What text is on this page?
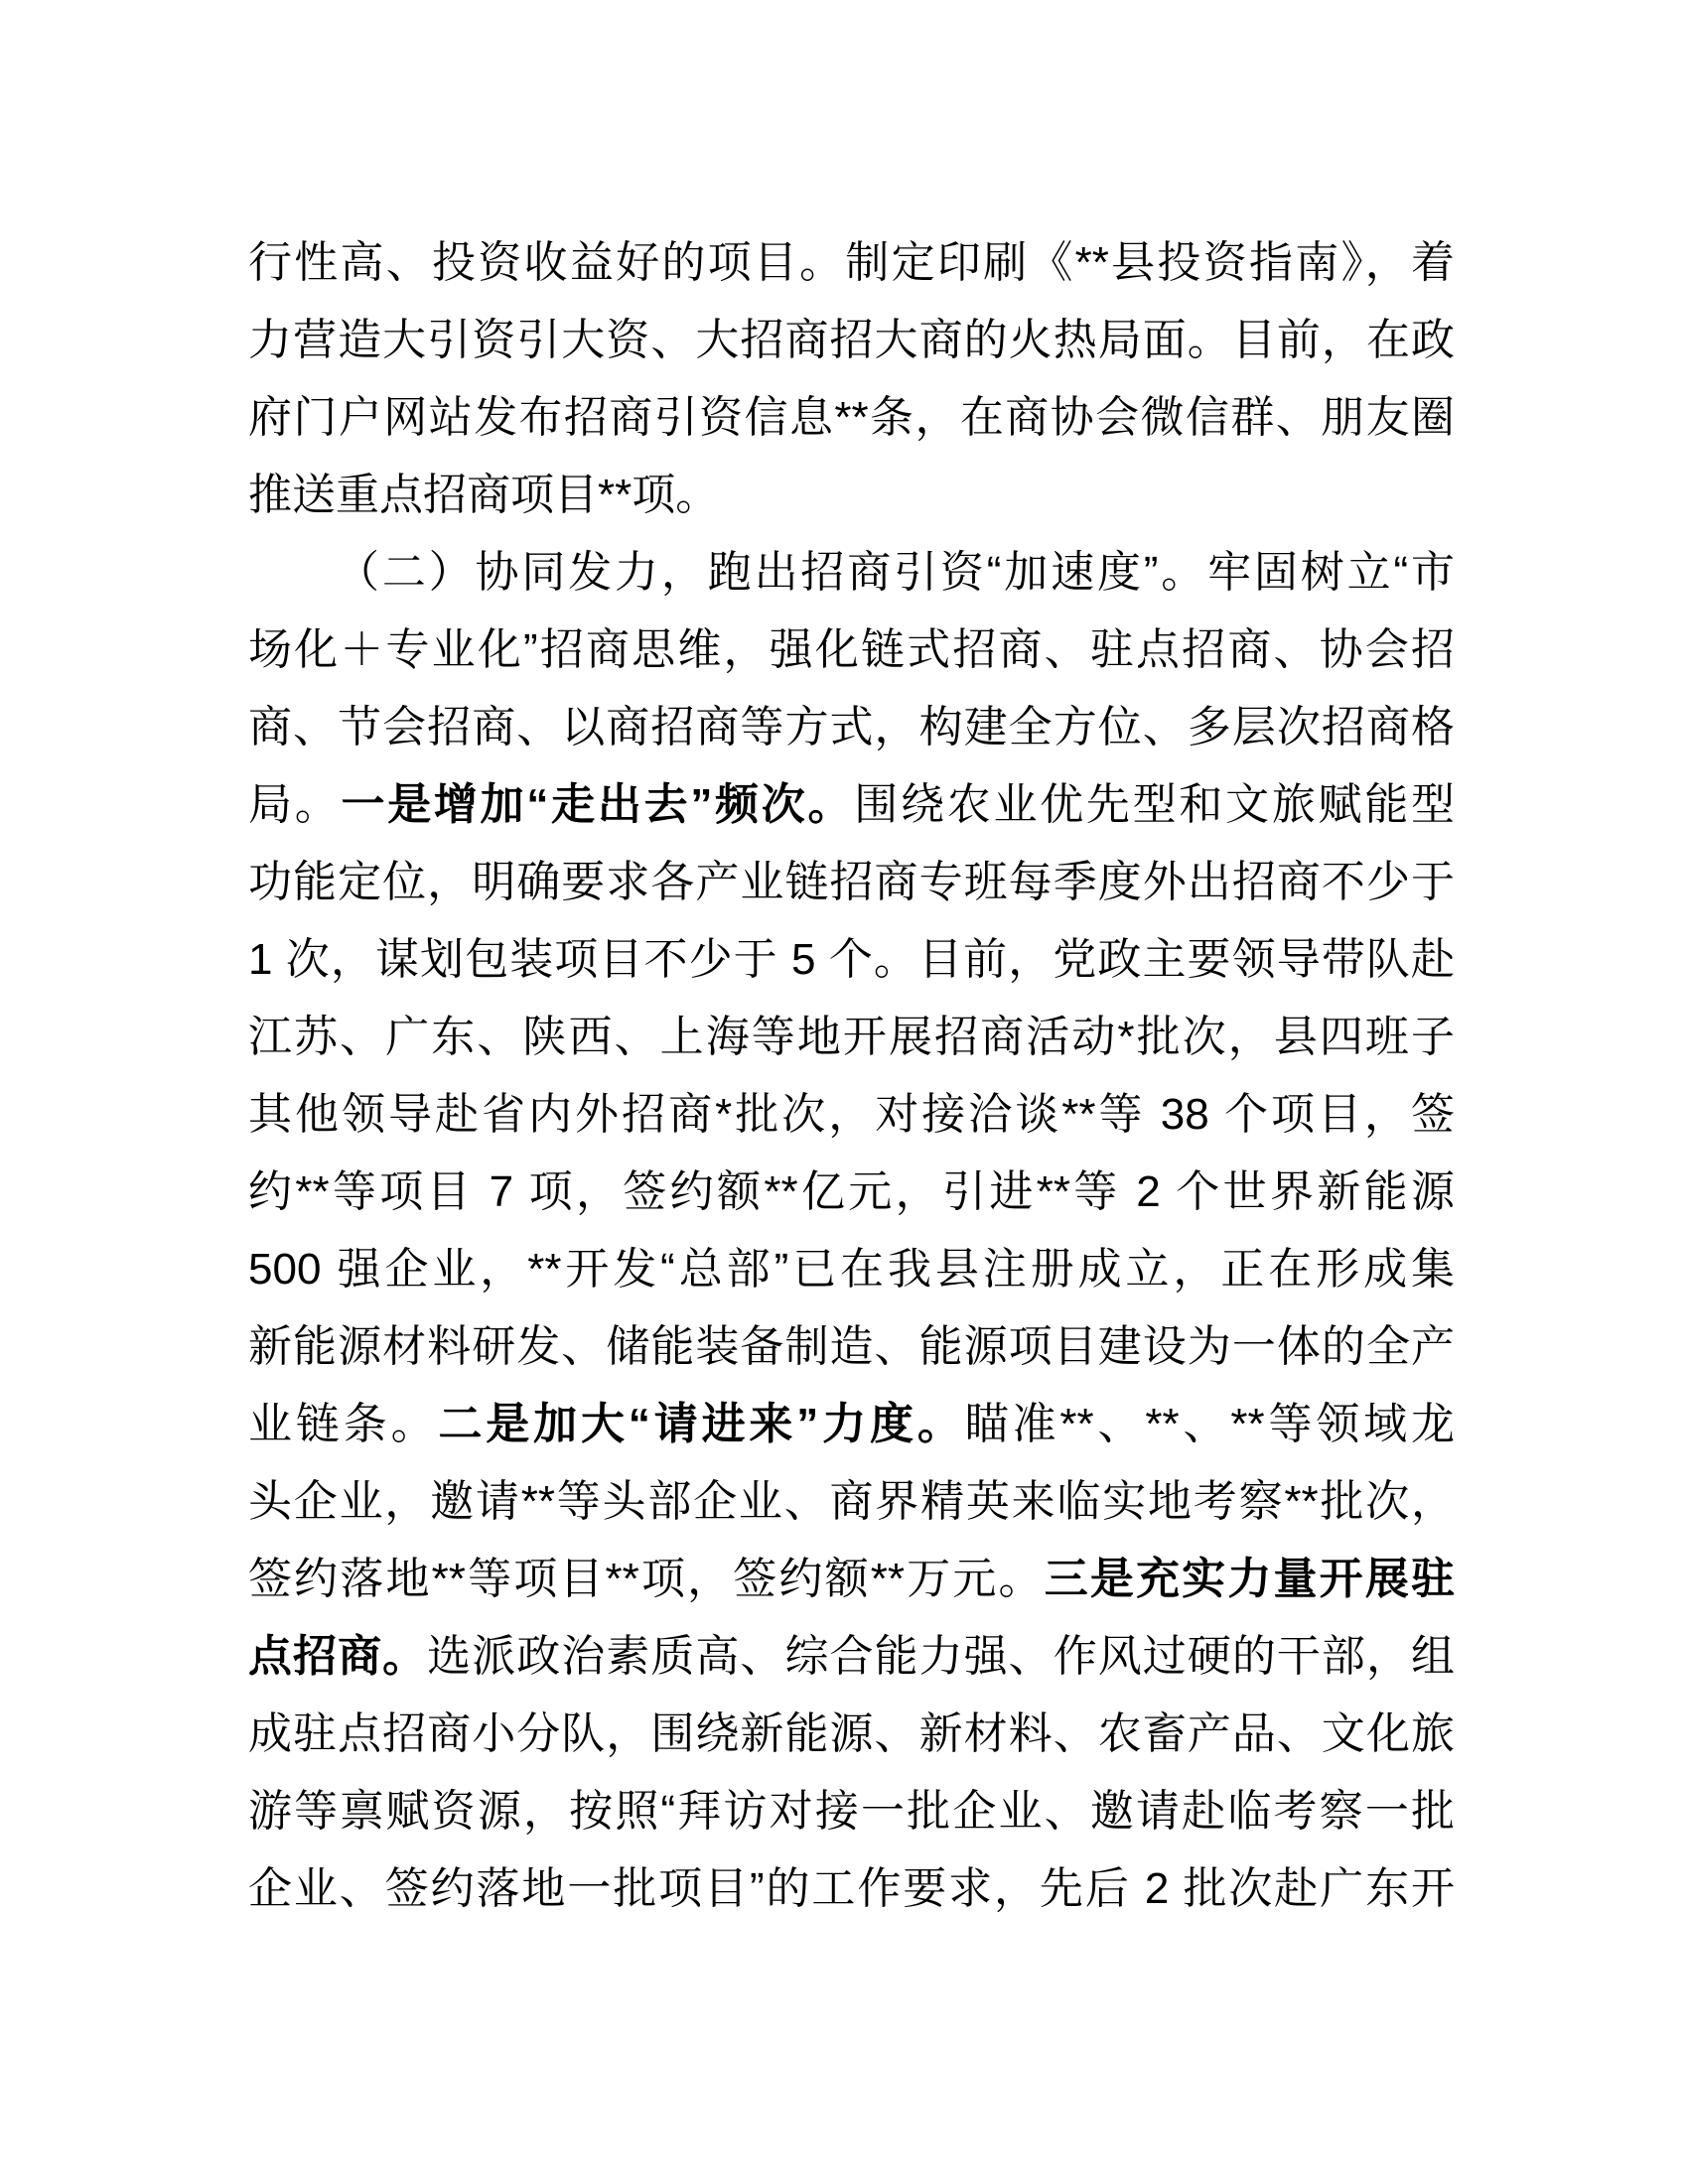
行性高、投资收益好的项目。制定印刷《**县投资指南》，着
力营造大引资引大资、大招商招大商的火热局面。目前，在政
府门户网站发布招商引资信息**条，在商协会微信群、朋友圈
推送重点招商项目**项。
（二）协同发力，跑出招商引资“加速度”。牢固树立“市
场化＋专业化”招商思维，强化链式招商、驻点招商、协会招
商、节会招商、以商招商等方式，构建全方位、多层次招商格
局。一是增加“走出去”频次。围绕农业优先型和文旅赋能型
功能定位，明确要求各产业链招商专班每季度外出招商不少于
1 次，谋划包装项目不少于 5 个。目前，党政主要领导带队赴
江苏、广东、陕西、上海等地开展招商活动*批次，县四班子
其他领导赴省内外招商*批次，对接洽谈**等 38 个项目，签
约**等项目 7 项，签约额**亿元，引进**等 2 个世界新能源
500 强企业，**开发“总部”已在我县注册成立，正在形成集
新能源材料研发、储能装备制造、能源项目建设为一体的全产
业链条。二是加大“请进来”力度。瞄准**、**、**等领域龙
头企业，邀请**等头部企业、商界精英来临实地考察**批次，
签约落地**等项目**项，签约额**万元。三是充实力量开展驻
点招商。选派政治素质高、综合能力强、作风过硬的干部，组
成驻点招商小分队，围绕新能源、新材料、农畜产品、文化旅
游等禀赋资源，按照“拜访对接一批企业、邀请赴临考察一批
企业、签约落地一批项目”的工作要求，先后 2 批次赴广东开
